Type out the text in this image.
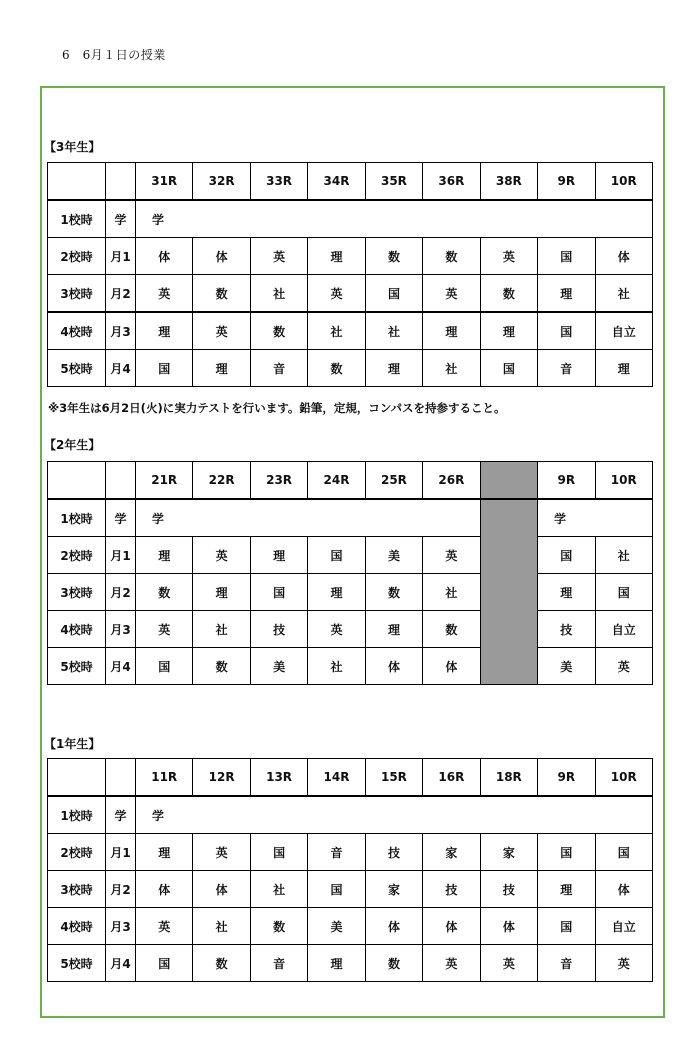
6　6月１日の授業
【3年生】
		31R	32R	33R	34R	35R	36R	38R	9R	10R
1校時	学	学								
2校時	月1	体	体	英	理	数	数	英	国	体
3校時	月2	英	数	社	英	国	英	数	理	社
4校時	月3	理	英	数	社	社	理	理	国	自立
5校時	月4	国	理	音	数	理	社	国	音	理
※3年生は6月2日(火)に実力テストを行います。鉛筆，定規，コンパスを持参すること。
【2年生】
		21R	22R	23R	24R	25R	26R		9R	10R
1校時	学	学							学	
2校時	月1	理	英	理	国	美	英		国	社
3校時	月2	数	理	国	理	数	社		理	国
4校時	月3	英	社	技	英	理	数		技	自立
5校時	月4	国	数	美	社	体	体		美	英
【1年生】
		11R	12R	13R	14R	15R	16R	18R	9R	10R
1校時	学	学								
2校時	月1	理	英	国	音	技	家	家	国	国
3校時	月2	体	体	社	国	家	技	技	理	体
4校時	月3	英	社	数	美	体	体	体	国	自立
5校時	月4	国	数	音	理	数	英	英	音	英
